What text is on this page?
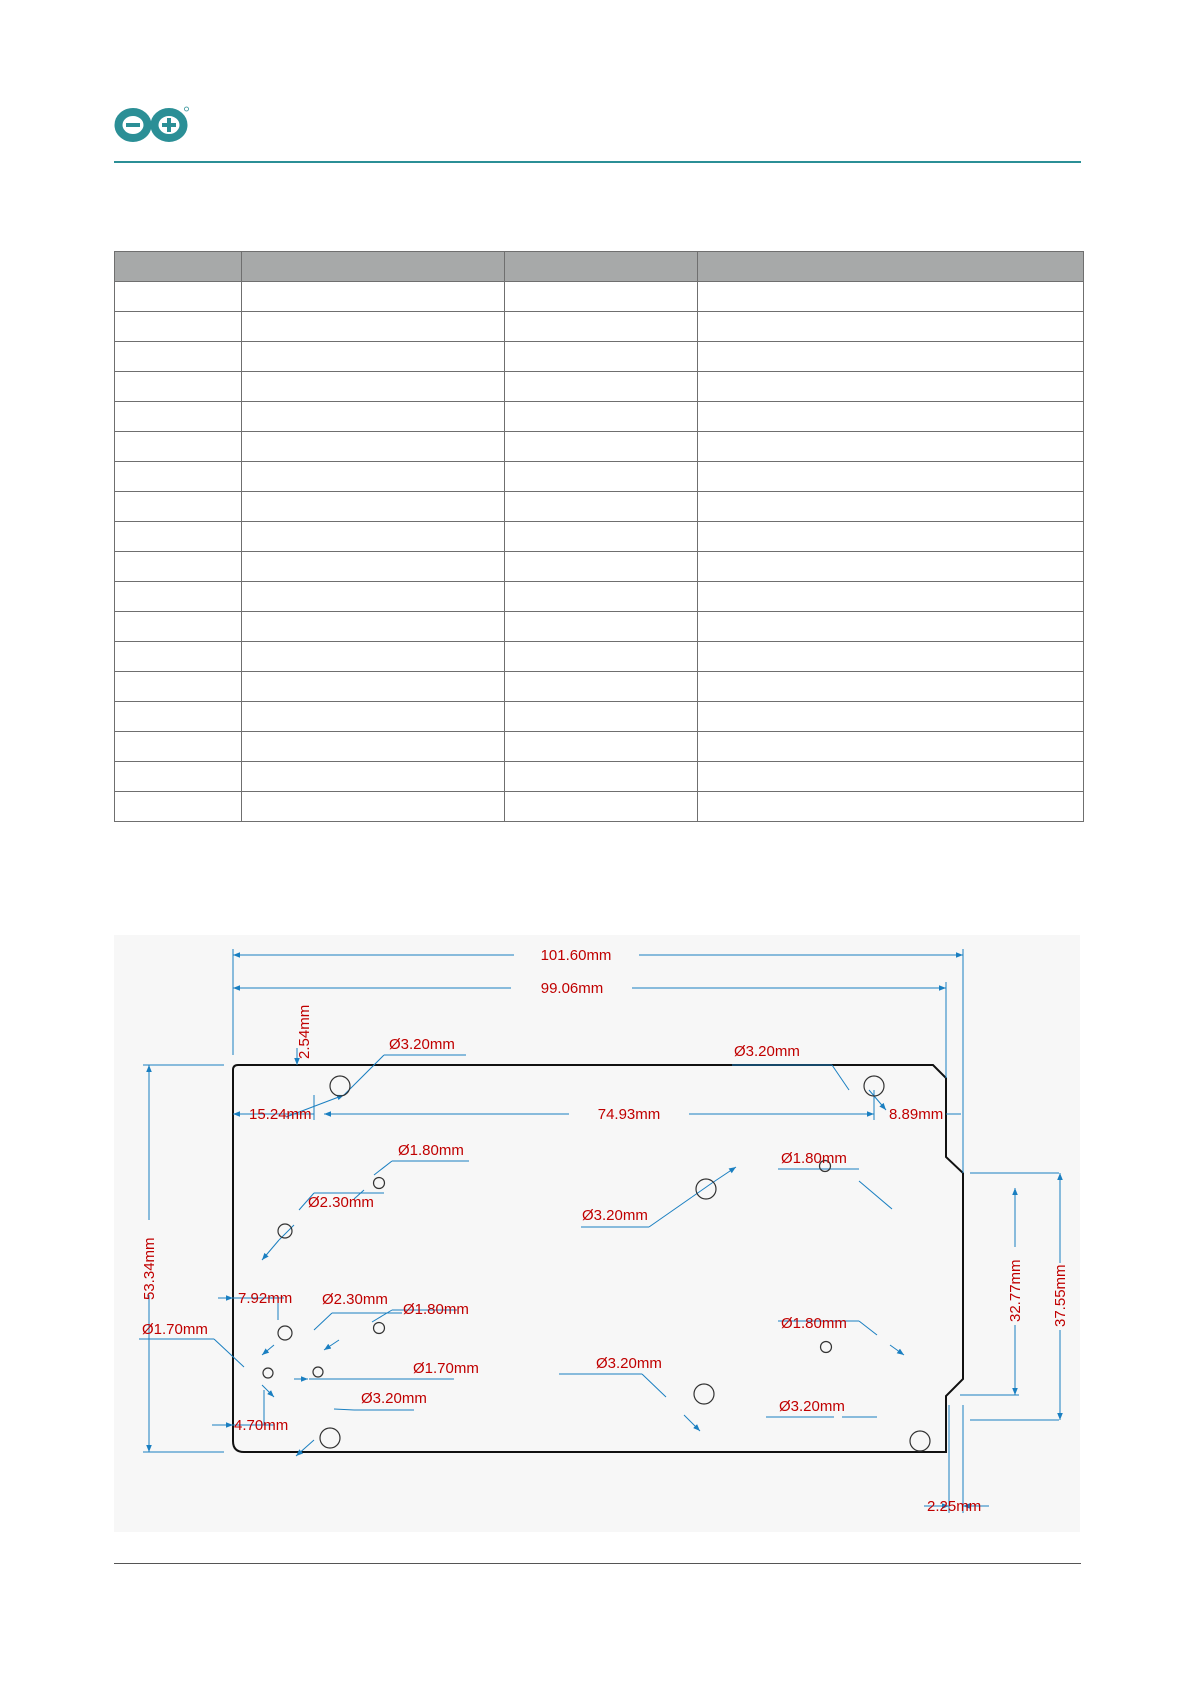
101.60mm
99.06mm
2.54mm
15.24mm	74.93mm	8.89mm
53.34mm	32.77mm 37.55mm
7.92mm
4.70mm
2.25mm
Ø3.20mm	Ø3.20mm
Ø1.80mm	Ø1.80mm
Ø2.30mm
Ø3.20mm
Ø2.30mm
Ø1.80mm
Ø1.80mm
Ø1.70mm
Ø1.70mm	Ø3.20mm
Ø3.20mm	Ø3.20mm
